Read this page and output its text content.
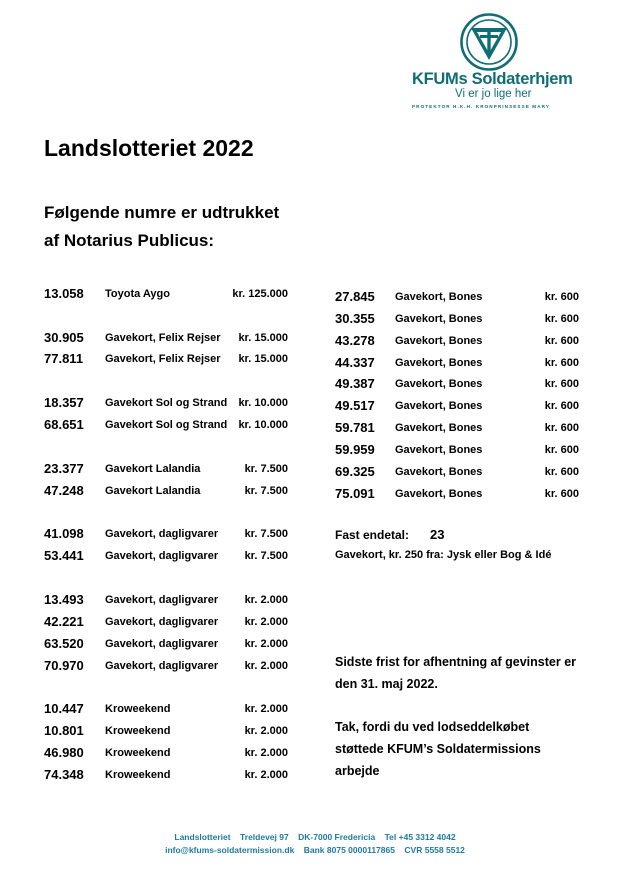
KFUMs Soldaterhjem
Vi er jo lige her
PROTEKTOR H.K.H. KRONPRINSESSE MARY
Landslotteriet 2022
Følgende numre er udtrukket
af Notarius Publicus:
13.058 Toyota Aygo	kr. 125.000
30.905 Gavekort, Felix Rejser kr. 15.000
77.811 Gavekort, Felix Rejser kr. 15.000
18.357 Gavekort Sol og Strand kr. 10.000
68.651 Gavekort Sol og Strand kr. 10.000
23.377 Gavekort Lalandia	kr. 7.500
47.248 Gavekort Lalandia	kr. 7.500
41.098 Gavekort, dagligvarer kr. 7.500
53.441 Gavekort, dagligvarer kr. 7.500
13.493 Gavekort, dagligvarer kr. 2.000
42.221 Gavekort, dagligvarer kr. 2.000
63.520 Gavekort, dagligvarer kr. 2.000
70.970 Gavekort, dagligvarer kr. 2.000
10.447 Kroweekend	kr. 2.000
10.801 Kroweekend	kr. 2.000
46.980 Kroweekend	kr. 2.000
74.348 Kroweekend	kr. 2.000
27.845 Gavekort, Bones	kr. 600
30.355 Gavekort, Bones	kr. 600
43.278 Gavekort, Bones	kr. 600
44.337 Gavekort, Bones	kr. 600
49.387 Gavekort, Bones	kr. 600
49.517 Gavekort, Bones	kr. 600
59.781 Gavekort, Bones	kr. 600
59.959 Gavekort, Bones	kr. 600
69.325 Gavekort, Bones	kr. 600
75.091 Gavekort, Bones	kr. 600
Fast endetal: 23
Gavekort, kr. 250 fra: Jysk eller Bog & Idé
Sidste frist for afhentning af gevinster er
den 31. maj 2022.
Tak, fordi du ved lodseddelkøbet
støttede KFUM’s Soldatermissions
arbejde
Landslotteriet    Treldevej 97    DK-7000 Fredericia    Tel +45 3312 4042
info@kfums-soldatermission.dk    Bank 8075 0000117865    CVR 5558 5512
